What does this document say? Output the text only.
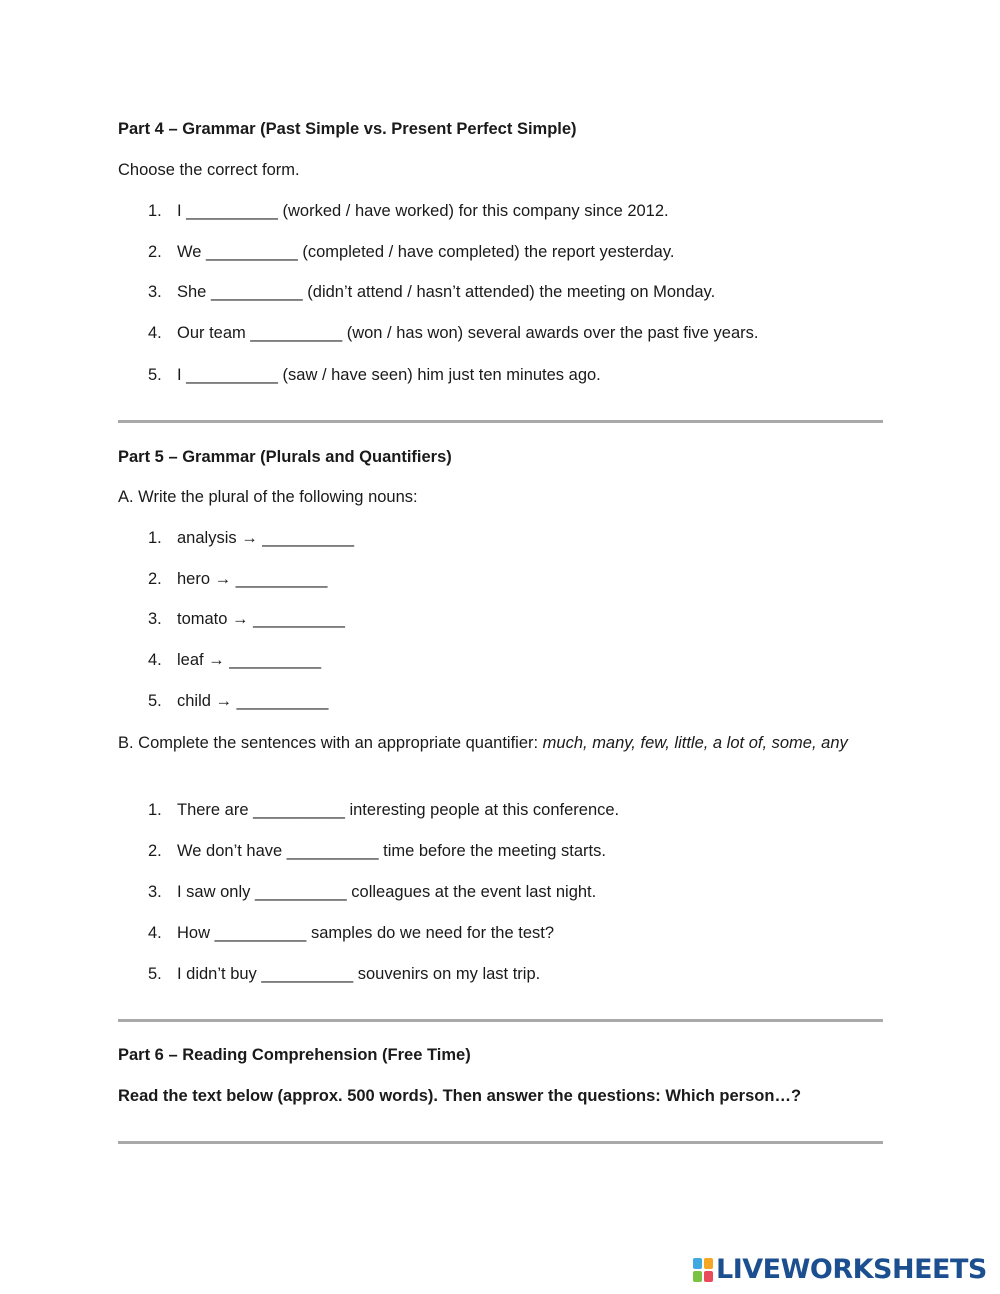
Part 4 – Grammar (Past Simple vs. Present Perfect Simple)
Choose the correct form.
1. I __________ (worked / have worked) for this company since 2012.
2. We __________ (completed / have completed) the report yesterday.
3. She __________ (didn’t attend / hasn’t attended) the meeting on Monday.
4. Our team __________ (won / has won) several awards over the past five years.
5. I __________ (saw / have seen) him just ten minutes ago.
Part 5 – Grammar (Plurals and Quantifiers)
A. Write the plural of the following nouns:
1. analysis → __________
2. hero → __________
3. tomato → __________
4. leaf → __________
5. child → __________
B. Complete the sentences with an appropriate quantifier: much, many, few, little, a lot of, some, any
1. There are __________ interesting people at this conference.
2. We don’t have __________ time before the meeting starts.
3. I saw only __________ colleagues at the event last night.
4. How __________ samples do we need for the test?
5. I didn’t buy __________ souvenirs on my last trip.
Part 6 – Reading Comprehension (Free Time)
Read the text below (approx. 500 words). Then answer the questions: Which person…?
LIVEWORKSHEETS
